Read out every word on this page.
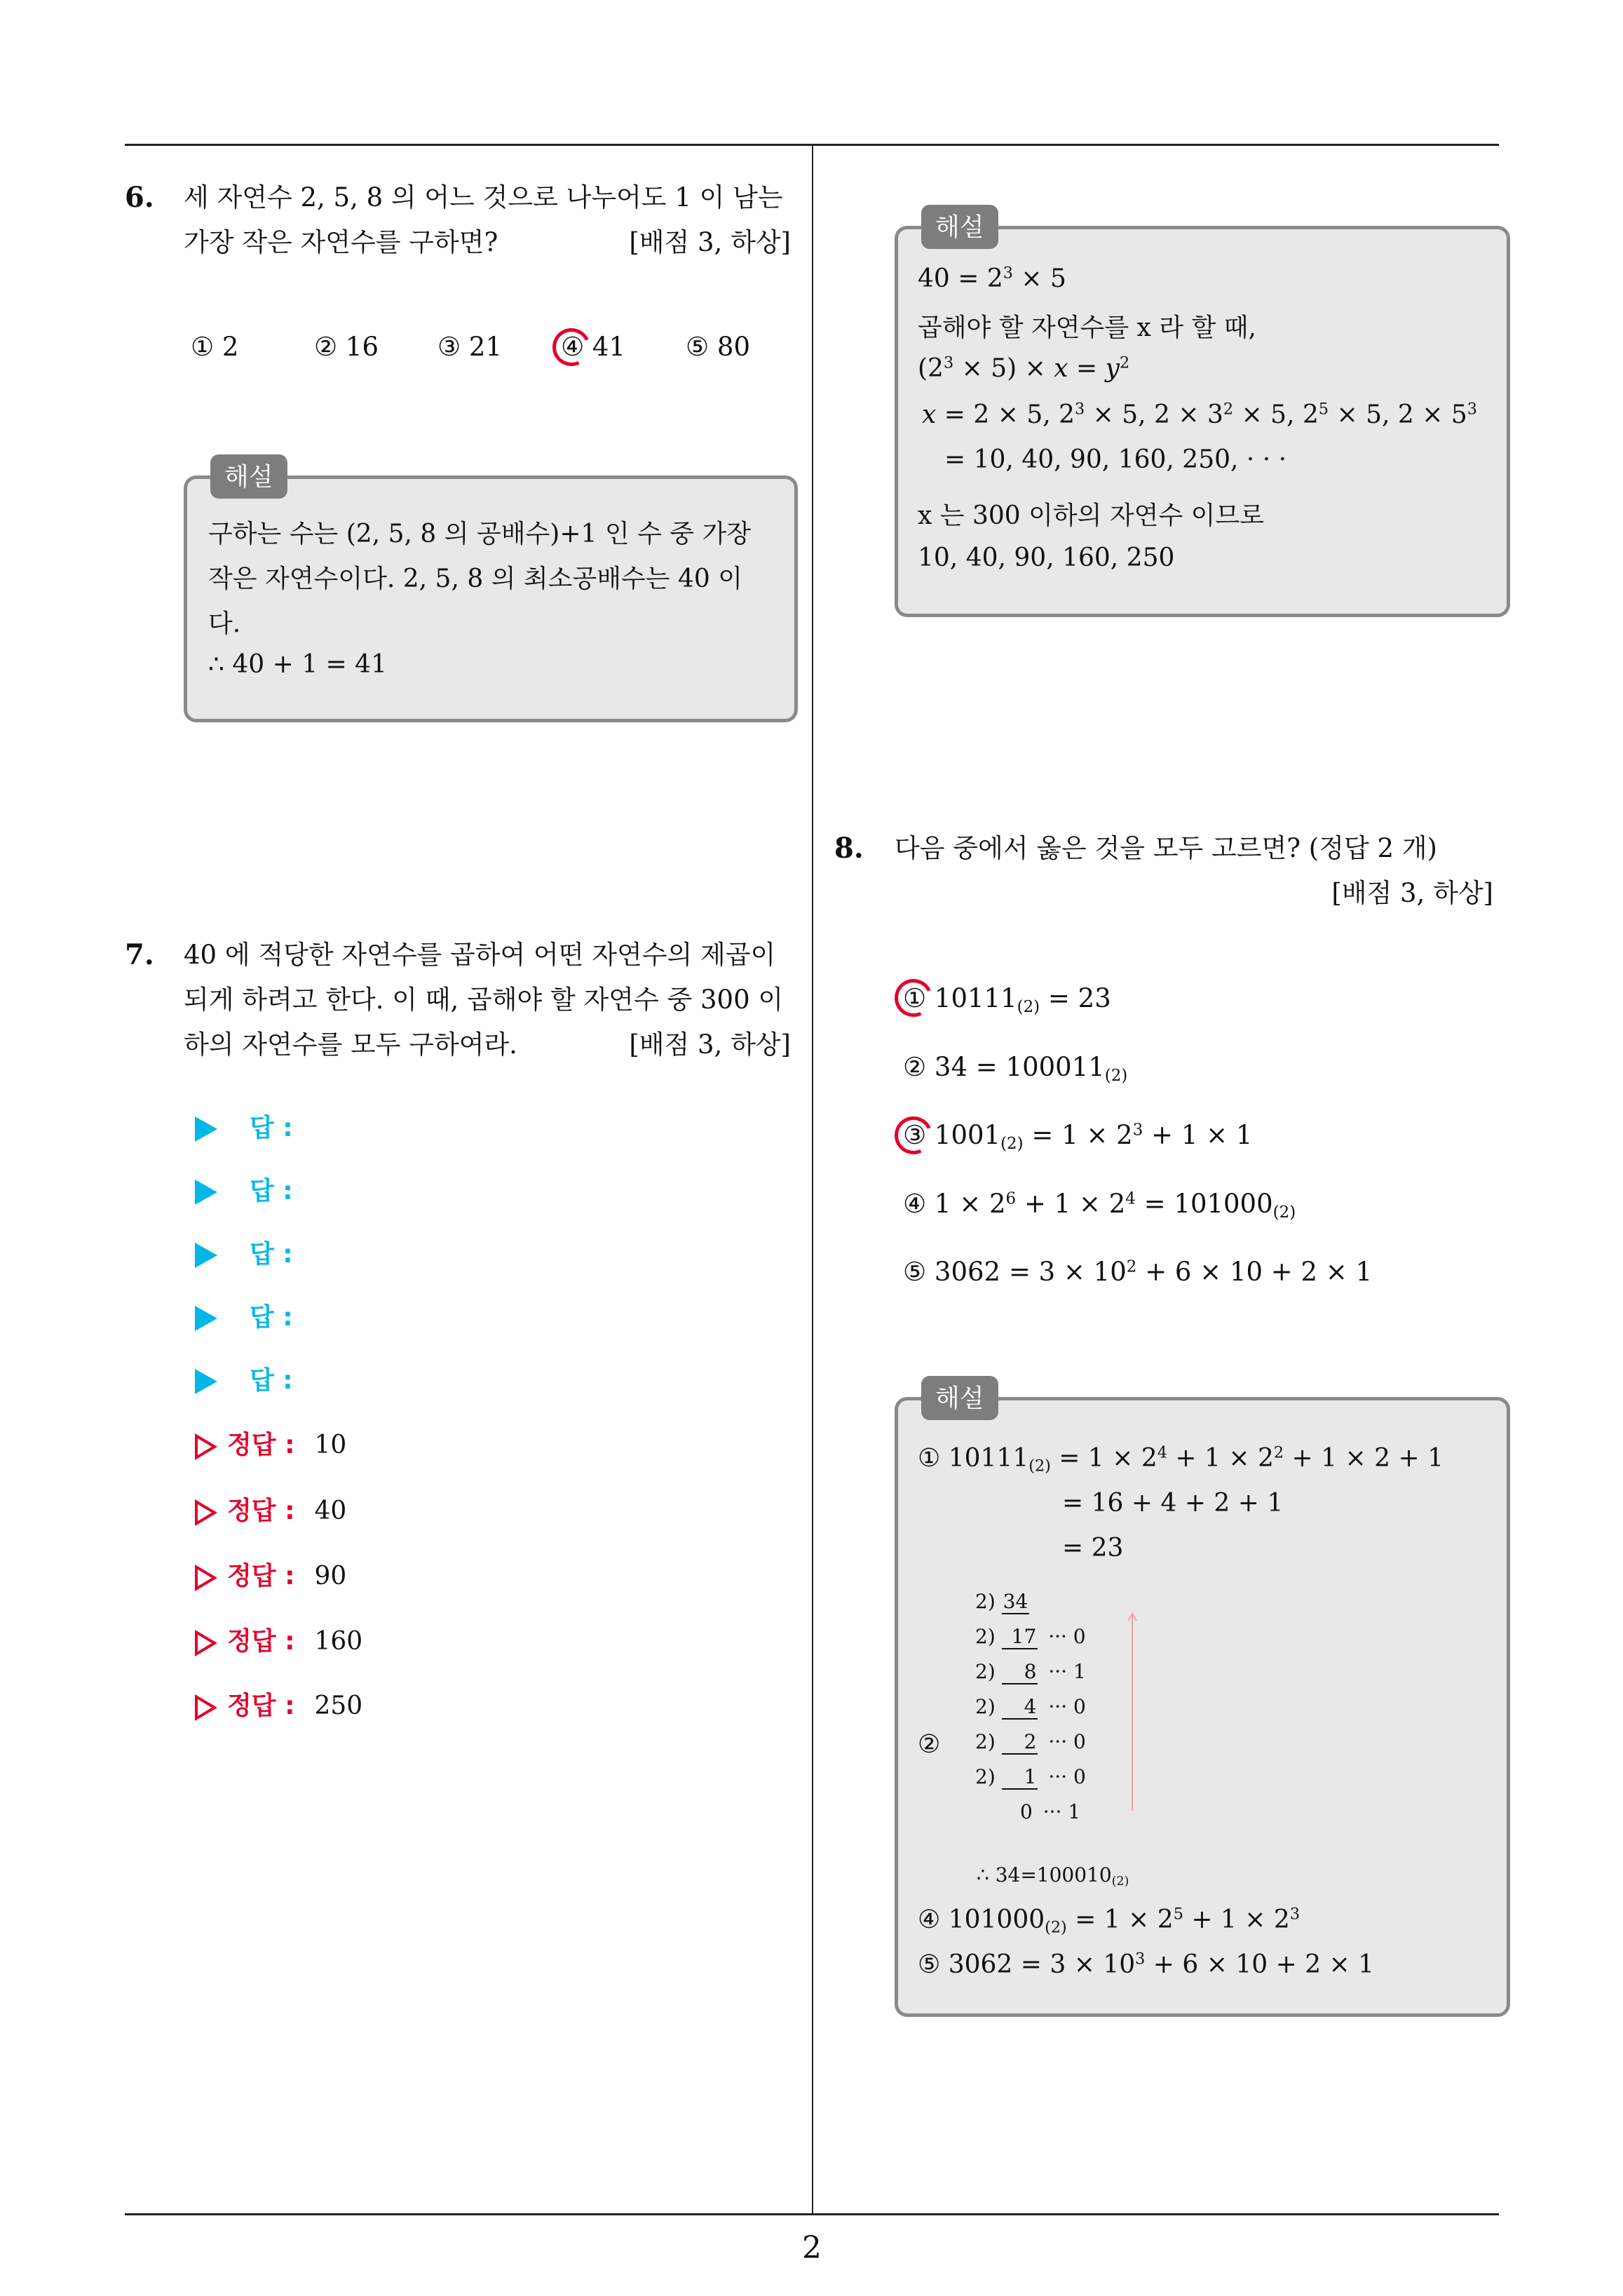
6. 세 자연수 2, 5, 8 의 어느 것으로 나누어도 1 이 남는
가장 작은 자연수를 구하면?	[배점 3, 하상]
① 2	② 16 ③ 21 ④ 41 ⑤ 80
구하는 수는 (2, 5, 8 의 공배수)+1 인 수 중 가장
작은 자연수이다. 2, 5, 8 의 최소공배수는 40 이
다.
∴ 40 + 1 = 41
해설
7. 40 에 적당한 자연수를 곱하여 어떤 자연수의 제곱이
되게 하려고 한다. 이 때, 곱해야 할 자연수 중 300 이
하의 자연수를 모두 구하여라.	[배점 3, 하상]
답 :
답 :
답 :
답 :
답 :
정답 : 10
정답 : 40
정답 : 90
정답 : 160
정답 : 250
$40 = 2^3 \times 5$
곱해야 할 자연수를 x 라 할 때,
$(2^3 \times 5) \times x = y^2$
x = 2 × 5, $2^3 \times 5$, $2 \times 3^2 \times 5$, $2^5 \times 5$, $2 \times 5^3$
= 10, 40, 90, 160, 250, · · ·
x 는 300 이하의 자연수 이므로
10, 40, 90, 160, 250
해설
8. 다음 중에서 옳은 것을 모두 고르면? (정답 2 개)
[배점 3, 하상]
① $10111_{(2)} = 23$
② $34 = 100011_{(2)}$
③ $1001_{(2)} = 1 \times 2^3 + 1 \times 1$
④ $1 \times 2^6 + 1 \times 2^4 = 101000_{(2)}$
⑤ $3062 = 3 \times 10^2 + 6 \times 10 + 2 \times 1$
① $10111_{(2)} = 1 \times 2^4 + 1 \times 2^2 + 1 \times 2 + 1$
= 16 + 4 + 2 + 1
= 23
②
2) 34
2) 17 ··· 0
2) 8 ··· 1
2) 4 ··· 0
2) 2 ··· 0
2) 1 ··· 0
0 ··· 1
∴ $34=100010_{(2)}$
④ $101000_{(2)} = 1 \times 2^5 + 1 \times 2^3$
⑤ $3062 = 3 \times 10^3 + 6 \times 10 + 2 \times 1$
해설
2
